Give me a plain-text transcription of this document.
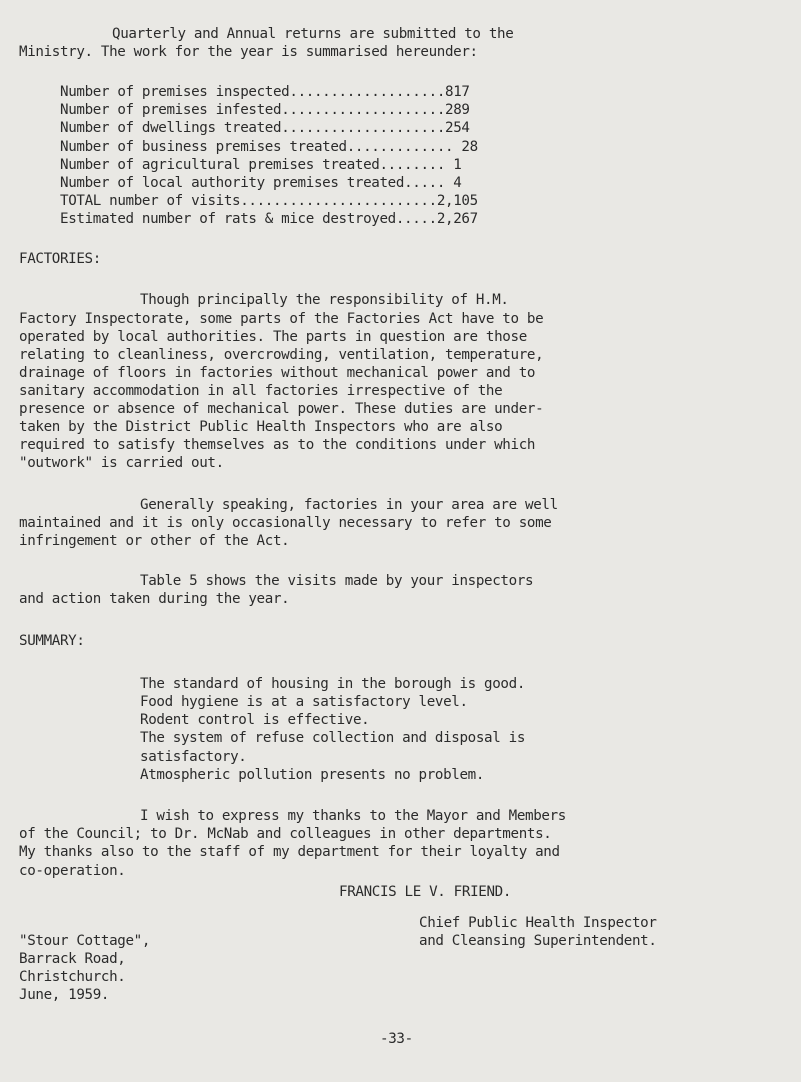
Quarterly and Annual returns are submitted to the
Ministry. The work for the year is summarised hereunder:
Number of premises inspected...................817
Number of premises infested....................289
Number of dwellings treated....................254
Number of business premises treated............. 28
Number of agricultural premises treated........ 1
Number of local authority premises treated..... 4
TOTAL number of visits........................2,105
Estimated number of rats & mice destroyed.....2,267
FACTORIES:
Though principally the responsibility of H.M.
Factory Inspectorate, some parts of the Factories Act have to be
operated by local authorities. The parts in question are those
relating to cleanliness, overcrowding, ventilation, temperature,
drainage of floors in factories without mechanical power and to
sanitary accommodation in all factories irrespective of the
presence or absence of mechanical power. These duties are under-
taken by the District Public Health Inspectors who are also
required to satisfy themselves as to the conditions under which
"outwork" is carried out.
Generally speaking, factories in your area are well
maintained and it is only occasionally necessary to refer to some
infringement or other of the Act.
Table 5 shows the visits made by your inspectors
and action taken during the year.
SUMMARY:
The standard of housing in the borough is good.
Food hygiene is at a satisfactory level.
Rodent control is effective.
The system of refuse collection and disposal is
satisfactory.
Atmospheric pollution presents no problem.
I wish to express my thanks to the Mayor and Members
of the Council; to Dr. McNab and colleagues in other departments.
My thanks also to the staff of my department for their loyalty and
co-operation.
FRANCIS LE V. FRIEND.
Chief Public Health Inspector
and Cleansing Superintendent.
"Stour Cottage",
Barrack Road,
Christchurch.
June, 1959.
-33-
